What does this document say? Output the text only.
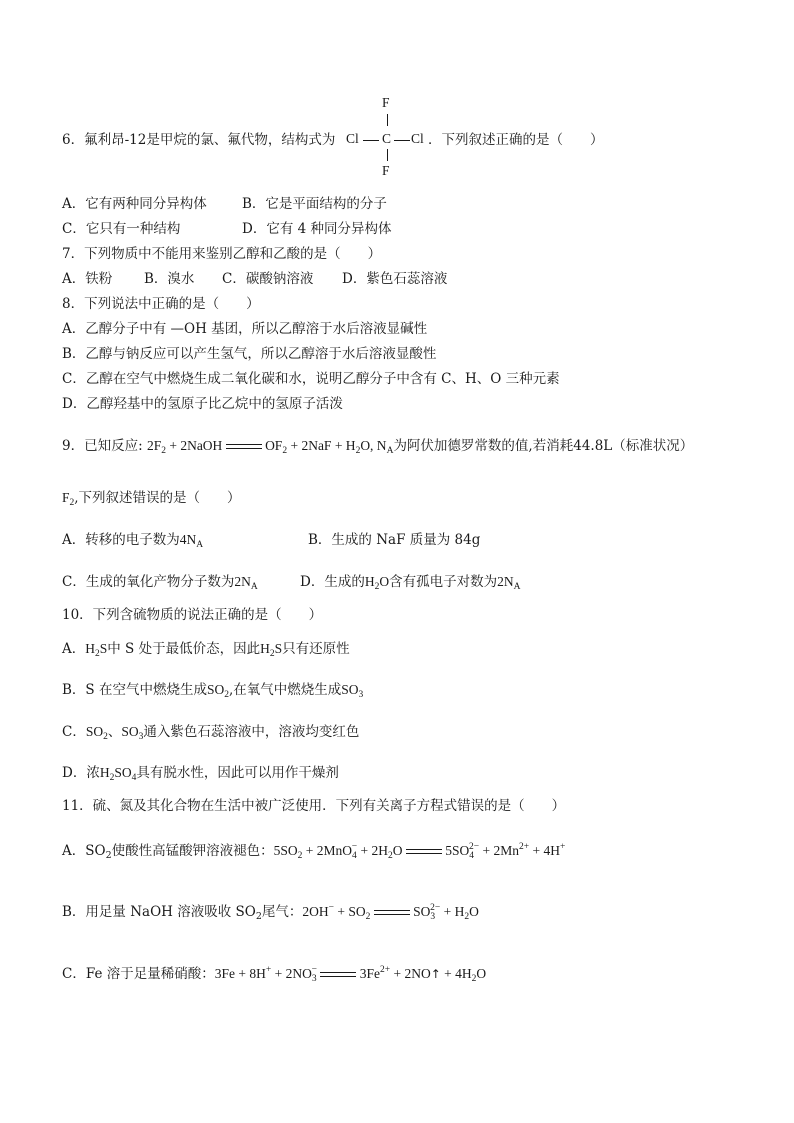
F
Cl C Cl
F
6．氟利昂-12是甲烷的氯、氟代物，结构式为	．下列叙述正确的是（　　）
A．它有两种同分异构体	B．它是平面结构的分子
C．它只有一种结构	D．它有 4 种同分异构体
7．下列物质中不能用来鉴别乙醇和乙酸的是（　　）
A．铁粉 B．溴水 C．碳酸钠溶液 D．紫色石蕊溶液
8．下列说法中正确的是（　　）
A．乙醇分子中有 —OH 基团，所以乙醇溶于水后溶液显碱性
B．乙醇与钠反应可以产生氢气，所以乙醇溶于水后溶液显酸性
C．乙醇在空气中燃烧生成二氧化碳和水，说明乙醇分子中含有 C、H、O 三种元素
D．乙醇羟基中的氢原子比乙烷中的氢原子活泼
9．已知反应: $2F_2$ + 2NaOH	$OF_2 + 2NaF + H_2O$, $N_A$为阿伏加德罗常数的值,若消耗44.8L（标准状况）
$F_2$,下列叙述错误的是（　　）
A．转移的电子数为$4N_A$	B．生成的 NaF 质量为 84g
C．生成的氧化产物分子数为$2N_A$	D．生成的$H_2O$含有孤电子对数为$2N_A$
10．下列含硫物质的说法正确的是（　　）
A．$H_2S$中 S 处于最低价态，因此$H_2S$只有还原性
B．S 在空气中燃烧生成$SO_2$,在氧气中燃烧生成$SO_3$
C．$SO_2$、$SO_3$通入紫色石蕊溶液中，溶液均变红色
D．浓$H_2SO_4$具有脱水性，因此可以用作干燥剂
11．硫、氮及其化合物在生活中被广泛使用．下列有关离子方程式错误的是（　　）
A．$SO_2$使酸性高锰酸钾溶液褪色：$5SO_2 + 2MnO_4^- + 2H_2O$	$5SO_4^{2-} + 2Mn^{2+} + 4H^+$
B．用足量 NaOH 溶液吸收 $SO_2$尾气：$2OH^- + SO_2$	$SO_3^{2-} + H_2O$
C．Fe 溶于足量稀硝酸：$3Fe + 8H^+ + 2NO_3^-$	$3Fe^{2+}$ + 2NO↑ + $4H_2O$
